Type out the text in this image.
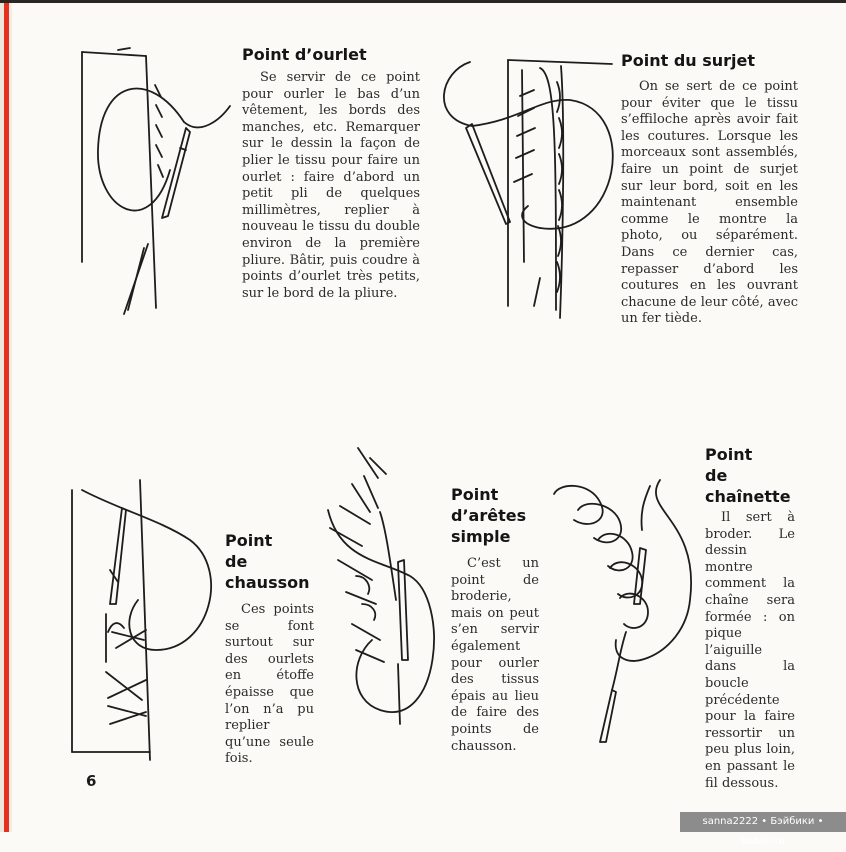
Point d’ourlet

Se servir de ce point pour ourler le bas d’un vêtement, les bords des manches, etc. Remarquer sur le dessin la façon de plier le tissu pour faire un ourlet : faire d’abord un petit pli de quelques millimètres, replier à nouveau le tissu du double environ de la première pliure. Bâtir, puis coudre à points d’ourlet très petits, sur le bord de la pliure.

Point du surjet

On se sert de ce point pour éviter que le tissu s’effiloche après avoir fait les coutures. Lorsque les morceaux sont assemblés, faire un point de surjet sur leur bord, soit en les maintenant ensemble comme le montre la photo, ou séparément. Dans ce dernier cas, repasser d’abord les coutures en les ouvrant chacune de leur côté, avec un fer tiède.

Point
de
chausson

Ces points se font surtout sur des ourlets en étoffe épaisse que l’on n’a pu replier qu’une seule fois.

Point
d’arêtes
simple

C’est un point de broderie, mais on peut s’en servir également pour ourler des tissus épais au lieu de faire des points de chausson.

Point
de
chaînette

Il sert à broder. Le dessin montre comment la chaîne sera formée : on pique l’aiguille dans la boucle précédente pour la faire ressortir un peu plus loin, en passant le fil dessous.

6
sanna2222 • Бэйбики • babiki.ru
